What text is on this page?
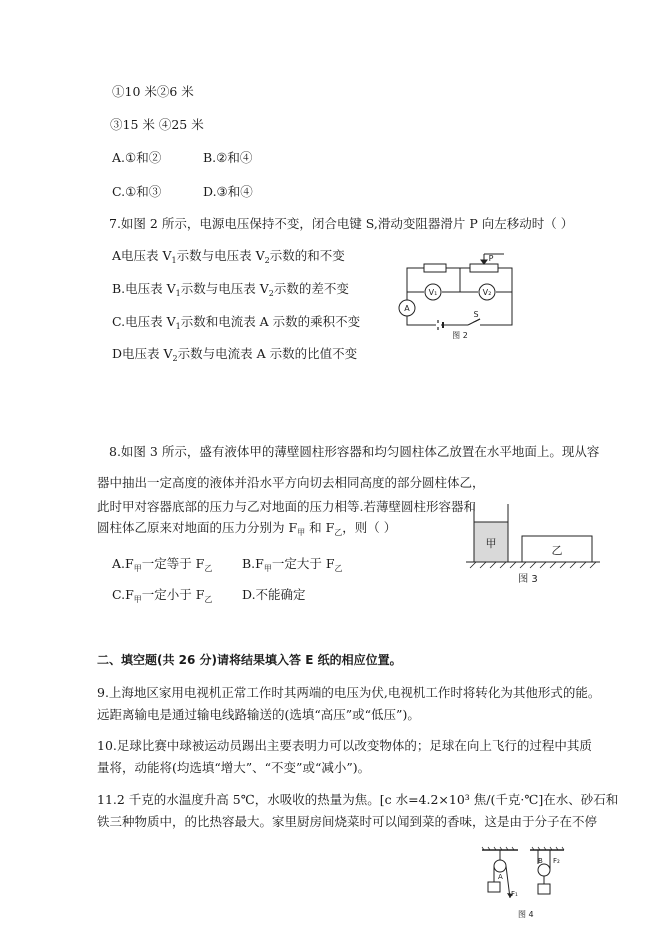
①10 米②6 米
③15 米 ④25 米
A.①和②	B.②和④
C.①和③	D.③和④
7.如图 2 所示，电源电压保持不变，闭合电键 S,滑动变阻器滑片 P 向左移动时（ ）
A电压表 $V_1$示数与电压表 $V_2$示数的和不变
B.电压表 $V_1$示数与电压表 $V_2$示数的差不变
C.电压表 $V_1$示数和电流表 A 示数的乘积不变
D电压表 $V_2$示数与电流表 A 示数的比值不变
V₁	V₂
A
P
S
图 2
8.如图 3 所示，盛有液体甲的薄壁圆柱形容器和均匀圆柱体乙放置在水平地面上。现从容
器中抽出一定高度的液体并沿水平方向切去相同高度的部分圆柱体乙，
此时甲对容器底部的压力与乙对地面的压力相等.若薄壁圆柱形容器和
圆柱体乙原来对地面的压力分别为 $F_甲$ 和 $F_乙$，则（ ）
$A.F_甲$一定等于 $F_乙$ $B.F_甲$一定大于 $F_乙$
$C.F_甲$一定小于 $F_乙$ D.不能确定
甲
乙
图 3
二、填空题(共 26 分)请将结果填入答 E 纸的相应位置。
9.上海地区家用电视机正常工作时其两端的电压为伏,电视机工作时将转化为其他形式的能。
远距离输电是通过输电线路输送的(选填“高压”或“低压”)。
10.足球比赛中球被运动员踢出主要表明力可以改变物体的；足球在向上飞行的过程中其质
量将，动能将(均选填“增大”、“不变”或“减小”)。
11.2 千克的水温度升高 5℃，水吸收的热量为焦。[c 水=4.2×10³ 焦/(千克·℃]在水、砂石和
铁三种物质中，的比热容最大。家里厨房间烧菜时可以闻到菜的香味，这是由于分子在不停
A
B
F₁
F₂
图 4
